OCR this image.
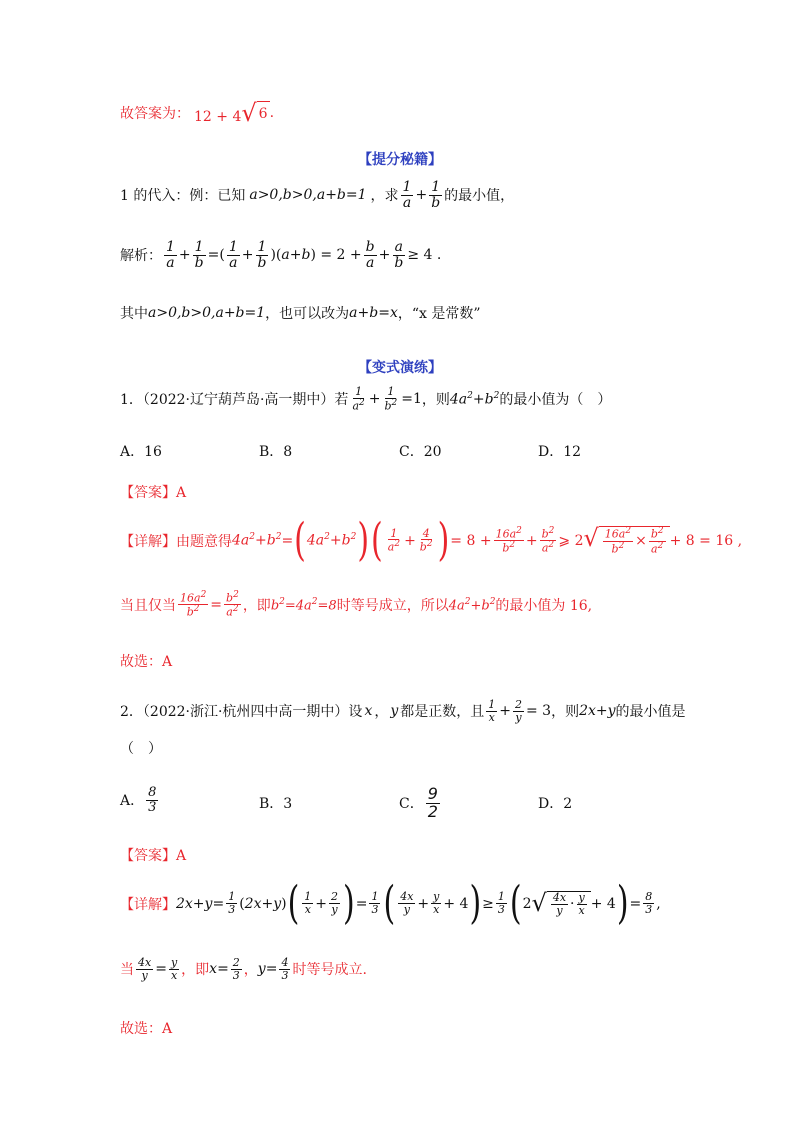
故答案为： 12 + 4 √ 6 .
【提分秘籍】
1 的代入：例：已知 a>0,b>0,a+b=1 ，求 $\frac{1}{a} + \frac{1}{b}$ 的最小值，
解析： $\frac{1}{a} + \frac{1}{b}$ =( $\frac{1}{a} + \frac{1}{b}$ )( a + b ) = $2 + \frac{b}{a} + \frac{a}{b} \ge 4$ .
其中 a>0,b>0,a+b=1 ，也可以改为 a+b=x ，“x 是常数”
【变式演练】
1．（2022·辽宁葫芦岛·高一期中）若 $\frac{1}{a^2} + \frac{1}{b^2} =1$ ，则 $4a^2+b^2$ 的最小值为（　）
A．16	B．8	C．20	D．12
【答案】A
【详解】 由题意得 $4a^2+b^2$ = ( $4a^2+b^2$ ) ( $\frac{1}{a^2} + \frac{4}{b^2}$ ) = $8 + \frac{16a^2}{b^2} + \frac{b^2}{a^2}$ ⩾ 2 √ $\frac{16a^2}{b^2} \times \frac{b^2}{a^2} + 8 = 16$ ,
当且仅当 $\frac{16a^2}{b^2} = \frac{b^2}{a^2}$ ，即 $b^2=4a^2=8$ 时等号成立，所以 $4a^2+b^2$ 的最小值为 16,
故选：A
2．（2022·浙江·杭州四中高一期中）设 x ， y 都是正数，且 $\frac{1}{x} + \frac{2}{y} = 3$ ，则 2x+y 的最小值是
（　）
A． $\frac{8}{3}$	B．3	C． $\frac{9}{2}$	D．2
【答案】A
【详解】 $2x+y = \frac{1}{3}$ ( 2x+y ) ( $\frac{1}{x} + \frac{2}{y}$ ) = $\frac{1}{3}$ ( $\frac{4x}{y} + \frac{y}{x} + 4$ ) ≥ $\frac{1}{3}$ ( 2 √ $\frac{4x}{y} \cdot \frac{y}{x} + 4$ ) = $\frac{8}{3}$ ,
当 $\frac{4x}{y} = \frac{y}{x}$ ，即 $x = \frac{2}{3}$ ， $y = \frac{4}{3}$ 时等号成立.
故选：A
